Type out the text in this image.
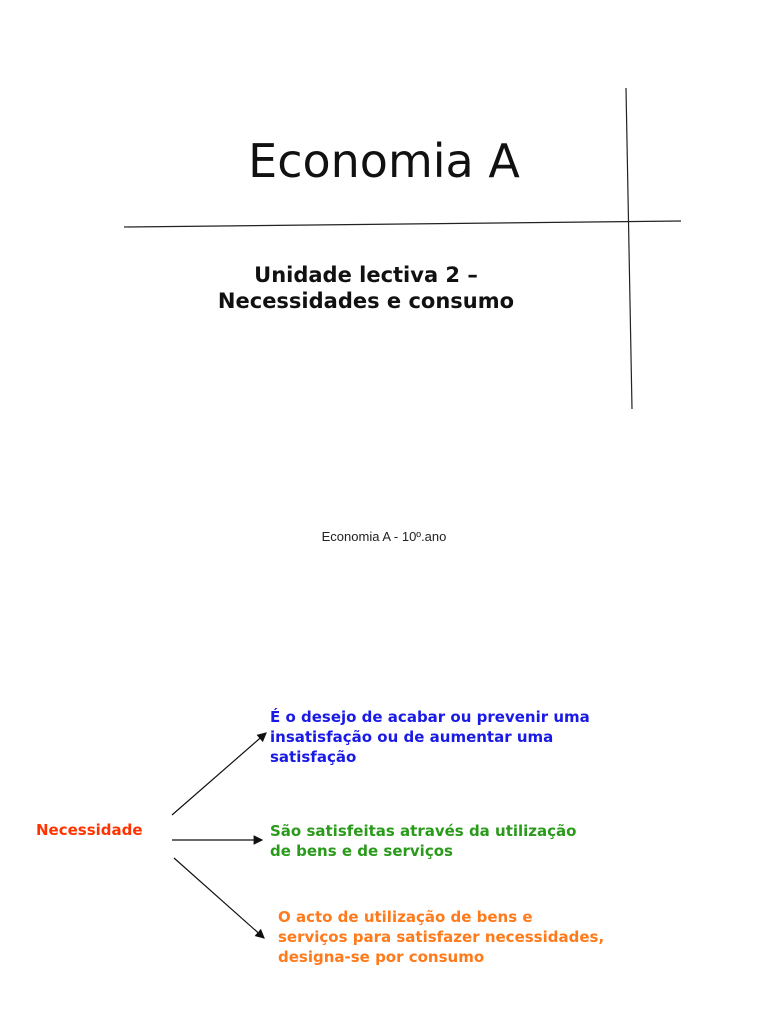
Economia A
Unidade lectiva 2 –
Necessidades e consumo
Economia A - 10º.ano
Necessidade
É o desejo de acabar ou prevenir uma
insatisfação ou de aumentar uma
satisfação
São satisfeitas através da utilização
de bens e de serviços
O acto de utilização de bens e
serviços para satisfazer necessidades,
designa-se por consumo
